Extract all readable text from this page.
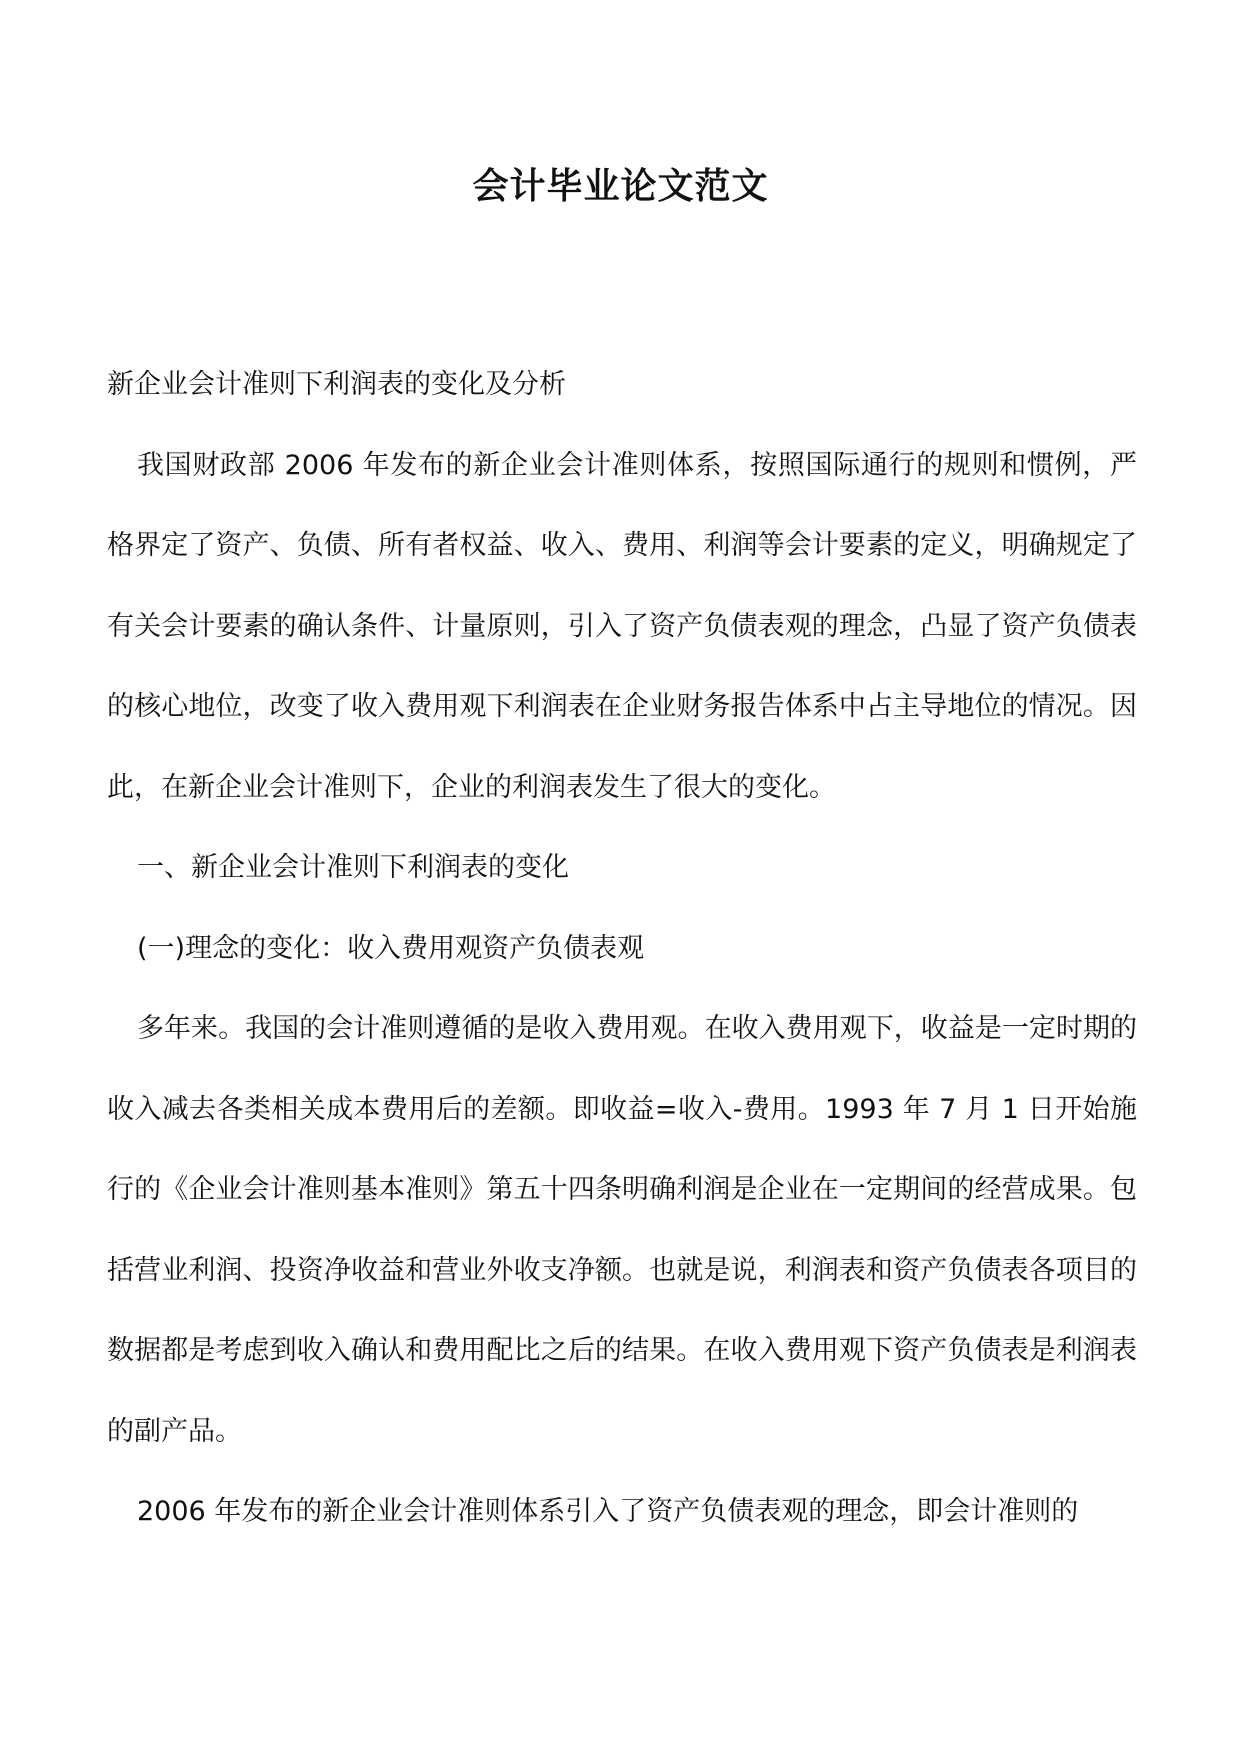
会计毕业论文范文

新企业会计准则下利润表的变化及分析

我国财政部 2006 年发布的新企业会计准则体系，按照国际通行的规则和惯例，严格界定了资产、负债、所有者权益、收入、费用、利润等会计要素的定义，明确规定了有关会计要素的确认条件、计量原则，引入了资产负债表观的理念，凸显了资产负债表的核心地位，改变了收入费用观下利润表在企业财务报告体系中占主导地位的情况。因此，在新企业会计准则下，企业的利润表发生了很大的变化。

一、新企业会计准则下利润表的变化

(一)理念的变化：收入费用观资产负债表观

多年来。我国的会计准则遵循的是收入费用观。在收入费用观下，收益是一定时期的收入减去各类相关成本费用后的差额。即收益=收入-费用。1993 年 7 月 1 日开始施行的《企业会计准则基本准则》第五十四条明确利润是企业在一定期间的经营成果。包括营业利润、投资净收益和营业外收支净额。也就是说，利润表和资产负债表各项目的数据都是考虑到收入确认和费用配比之后的结果。在收入费用观下资产负债表是利润表的副产品。

2006 年发布的新企业会计准则体系引入了资产负债表观的理念，即会计准则的
